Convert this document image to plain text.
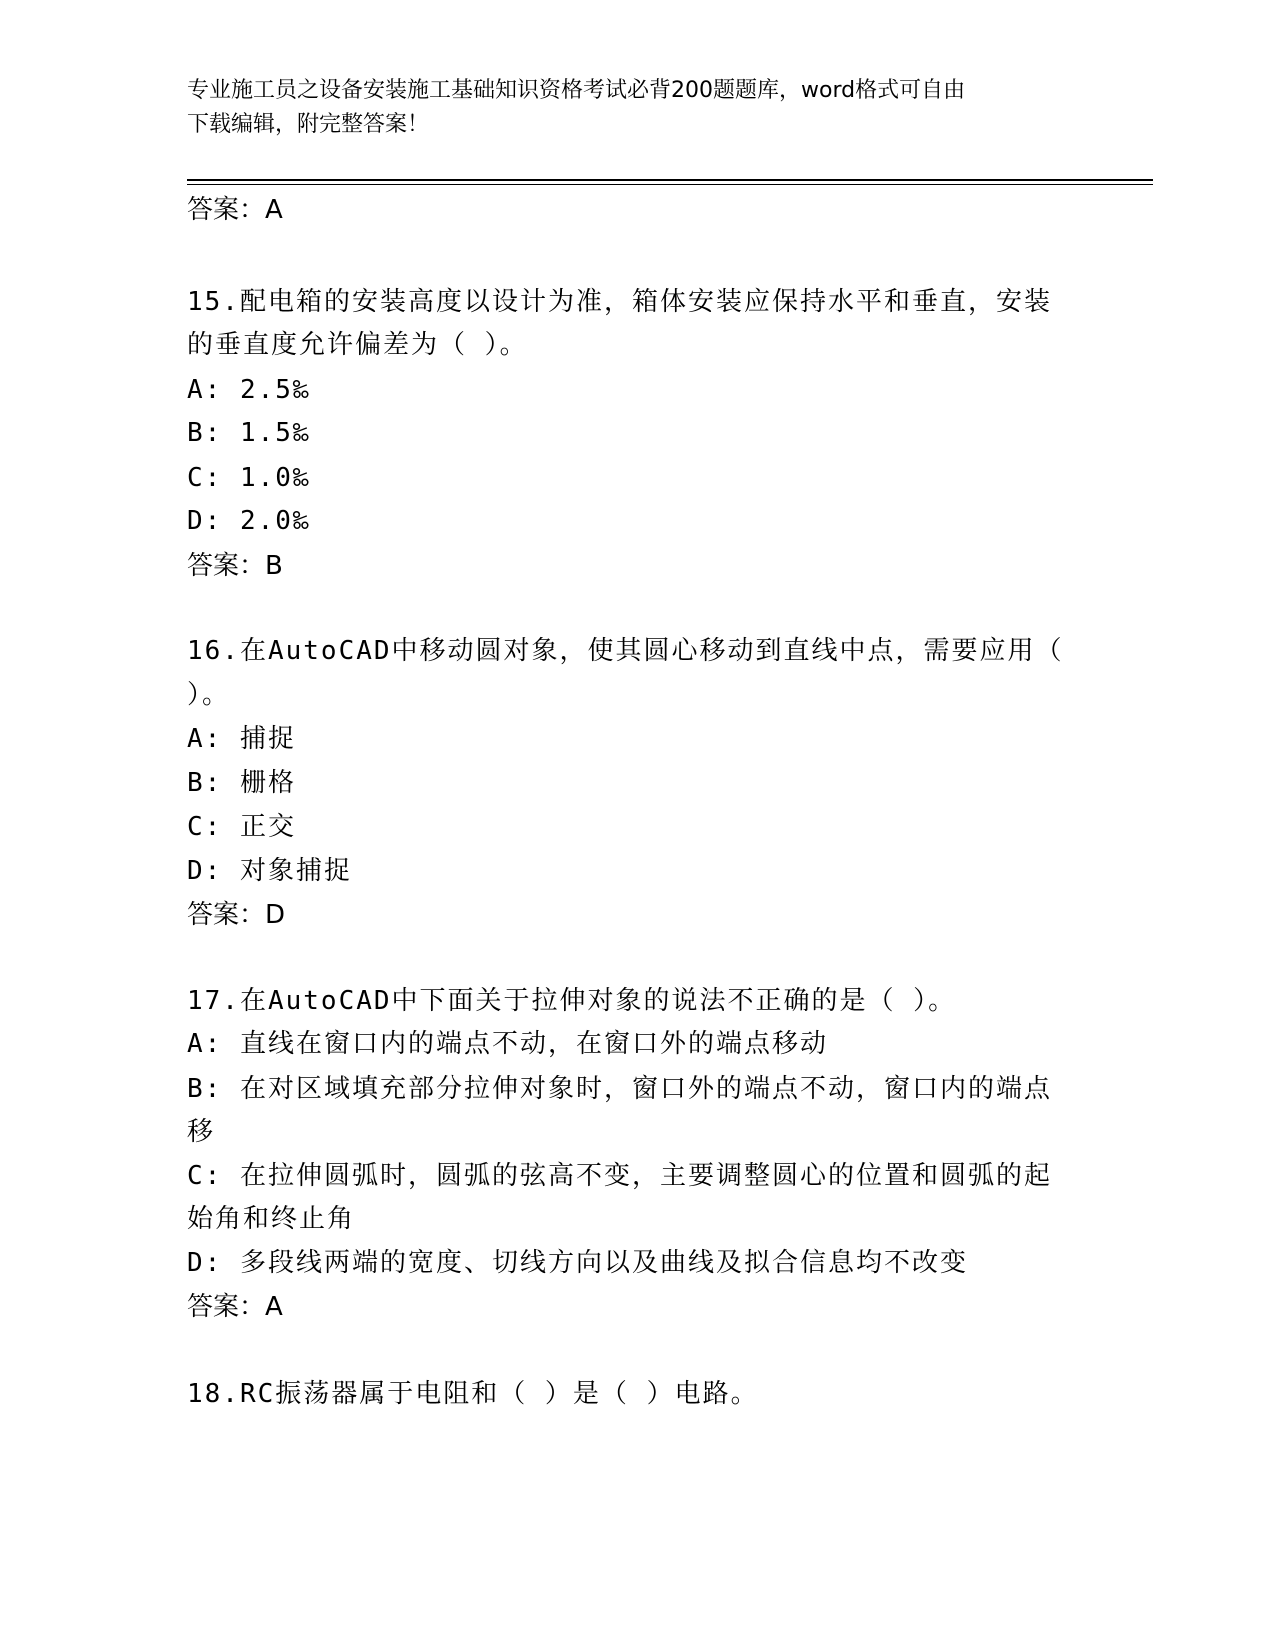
专业施工员之设备安装施工基础知识资格考试必背200题题库，word格式可自由
下载编辑，附完整答案！
答案：A
15.配电箱的安装高度以设计为准，箱体安装应保持水平和垂直，安装
的垂直度允许偏差为（ ）。
A: 2.5‰
B: 1.5‰
C: 1.0‰
D: 2.0‰
答案：B
16.在AutoCAD中移动圆对象，使其圆心移动到直线中点，需要应用（
）。
A: 捕捉
B: 栅格
C: 正交
D: 对象捕捉
答案：D
17.在AutoCAD中下面关于拉伸对象的说法不正确的是（ ）。
A: 直线在窗口内的端点不动，在窗口外的端点移动
B: 在对区域填充部分拉伸对象时，窗口外的端点不动，窗口内的端点
移
C: 在拉伸圆弧时，圆弧的弦高不变，主要调整圆心的位置和圆弧的起
始角和终止角
D: 多段线两端的宽度、切线方向以及曲线及拟合信息均不改变
答案：A
18.RC振荡器属于电阻和（ ）是（ ）电路。
